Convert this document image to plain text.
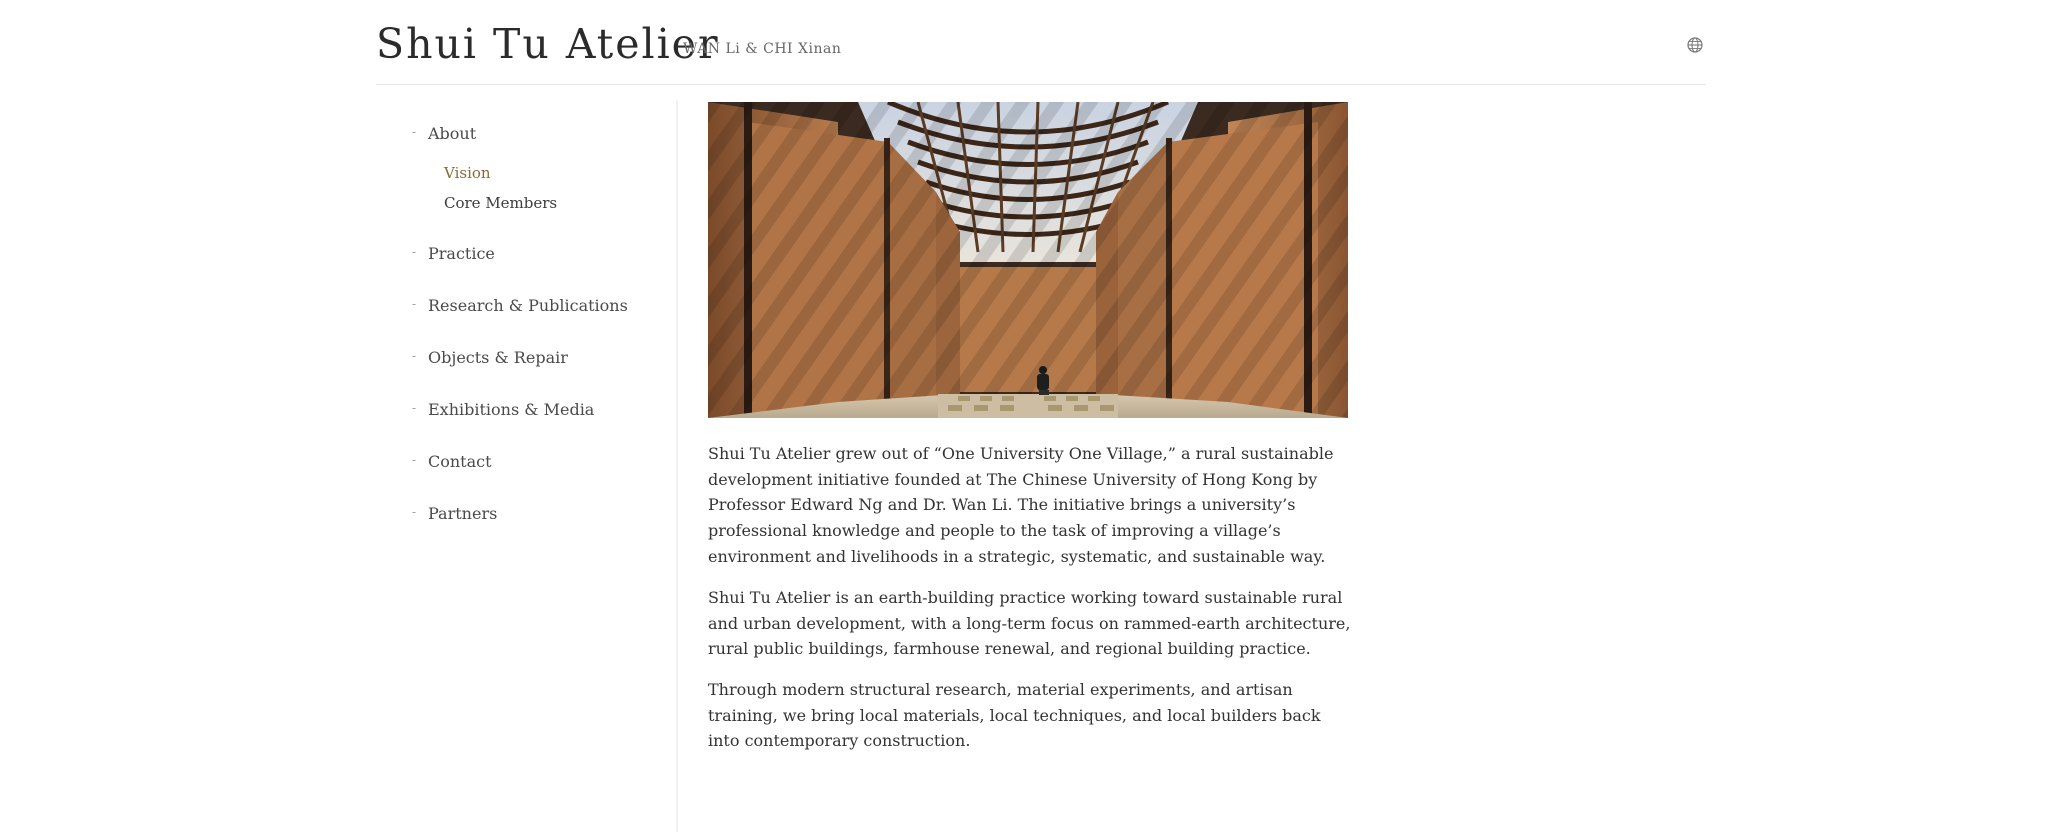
Shui Tu Atelier
WAN Li & CHI Xinan
- About
Vision
Core Members
- Practice
- Research & Publications
- Objects & Repair
- Exhibitions & Media
- Contact
- Partners

Shui Tu Atelier grew out of “One University One Village,” a rural sustainable development initiative founded at The Chinese University of Hong Kong by Professor Edward Ng and Dr. Wan Li. The initiative brings a university’s professional knowledge and people to the task of improving a village’s environment and livelihoods in a strategic, systematic, and sustainable way.

Shui Tu Atelier is an earth-building practice working toward sustainable rural and urban development, with a long-term focus on rammed-earth architecture, rural public buildings, farmhouse renewal, and regional building practice.

Through modern structural research, material experiments, and artisan training, we bring local materials, local techniques, and local builders back into contemporary construction.
